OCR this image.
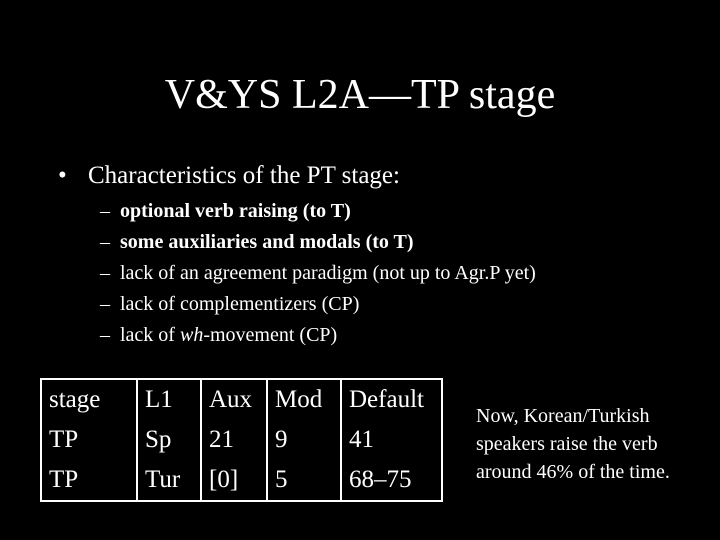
V&YS L2A—TP stage
• Characteristics of the PT stage:
– optional verb raising (to T)
– some auxiliaries and modals (to T)
– lack of an agreement paradigm (not up to Agr.P yet)
– lack of complementizers (CP)
– lack of wh-movement (CP)
stage	L1	Aux	Mod	Default
TP	Sp	21	9	41
TP	Tur	[0]	5	68–75
Now, Korean/Turkish
speakers raise the verb
around 46% of the time.
